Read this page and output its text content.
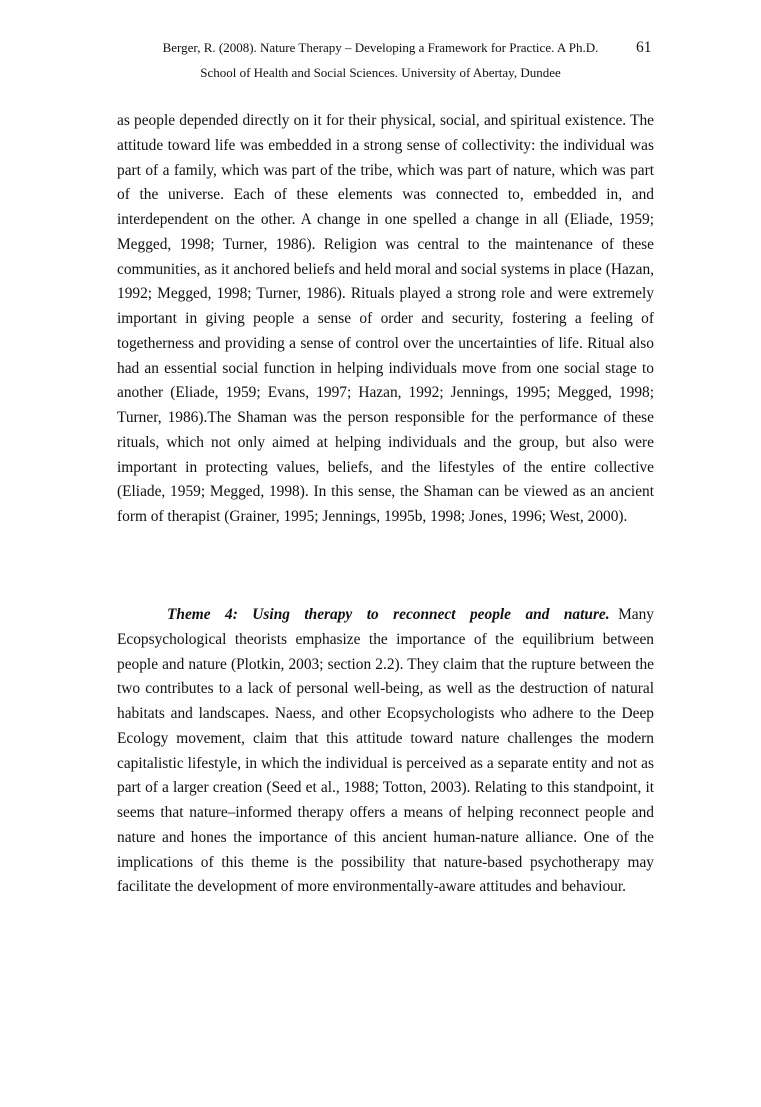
Berger, R. (2008). Nature Therapy – Developing a Framework for Practice. A Ph.D.
School of Health and Social Sciences. University of Abertay, Dundee
61

as people depended directly on it for their physical, social, and spiritual existence. The attitude toward life was embedded in a strong sense of collectivity: the individual was part of a family, which was part of the tribe, which was part of nature, which was part of the universe. Each of these elements was connected to, embedded in, and interdependent on the other. A change in one spelled a change in all (Eliade, 1959; Megged, 1998; Turner, 1986). Religion was central to the maintenance of these communities, as it anchored beliefs and held moral and social systems in place (Hazan, 1992; Megged, 1998; Turner, 1986). Rituals played a strong role and were extremely important in giving people a sense of order and security, fostering a feeling of togetherness and providing a sense of control over the uncertainties of life. Ritual also had an essential social function in helping individuals move from one social stage to another (Eliade, 1959; Evans, 1997; Hazan, 1992; Jennings, 1995; Megged, 1998; Turner, 1986).The Shaman was the person responsible for the performance of these rituals, which not only aimed at helping individuals and the group, but also were important in protecting values, beliefs, and the lifestyles of the entire collective (Eliade, 1959; Megged, 1998). In this sense, the Shaman can be viewed as an ancient form of therapist (Grainer, 1995; Jennings, 1995b, 1998; Jones, 1996; West, 2000).

Theme 4: Using therapy to reconnect people and nature. Many Ecopsychological theorists emphasize the importance of the equilibrium between people and nature (Plotkin, 2003; section 2.2). They claim that the rupture between the two contributes to a lack of personal well-being, as well as the destruction of natural habitats and landscapes. Naess, and other Ecopsychologists who adhere to the Deep Ecology movement, claim that this attitude toward nature challenges the modern capitalistic lifestyle, in which the individual is perceived as a separate entity and not as part of a larger creation (Seed et al., 1988; Totton, 2003). Relating to this standpoint, it seems that nature–informed therapy offers a means of helping reconnect people and nature and hones the importance of this ancient human-nature alliance. One of the implications of this theme is the possibility that nature-based psychotherapy may facilitate the development of more environmentally-aware attitudes and behaviour.
